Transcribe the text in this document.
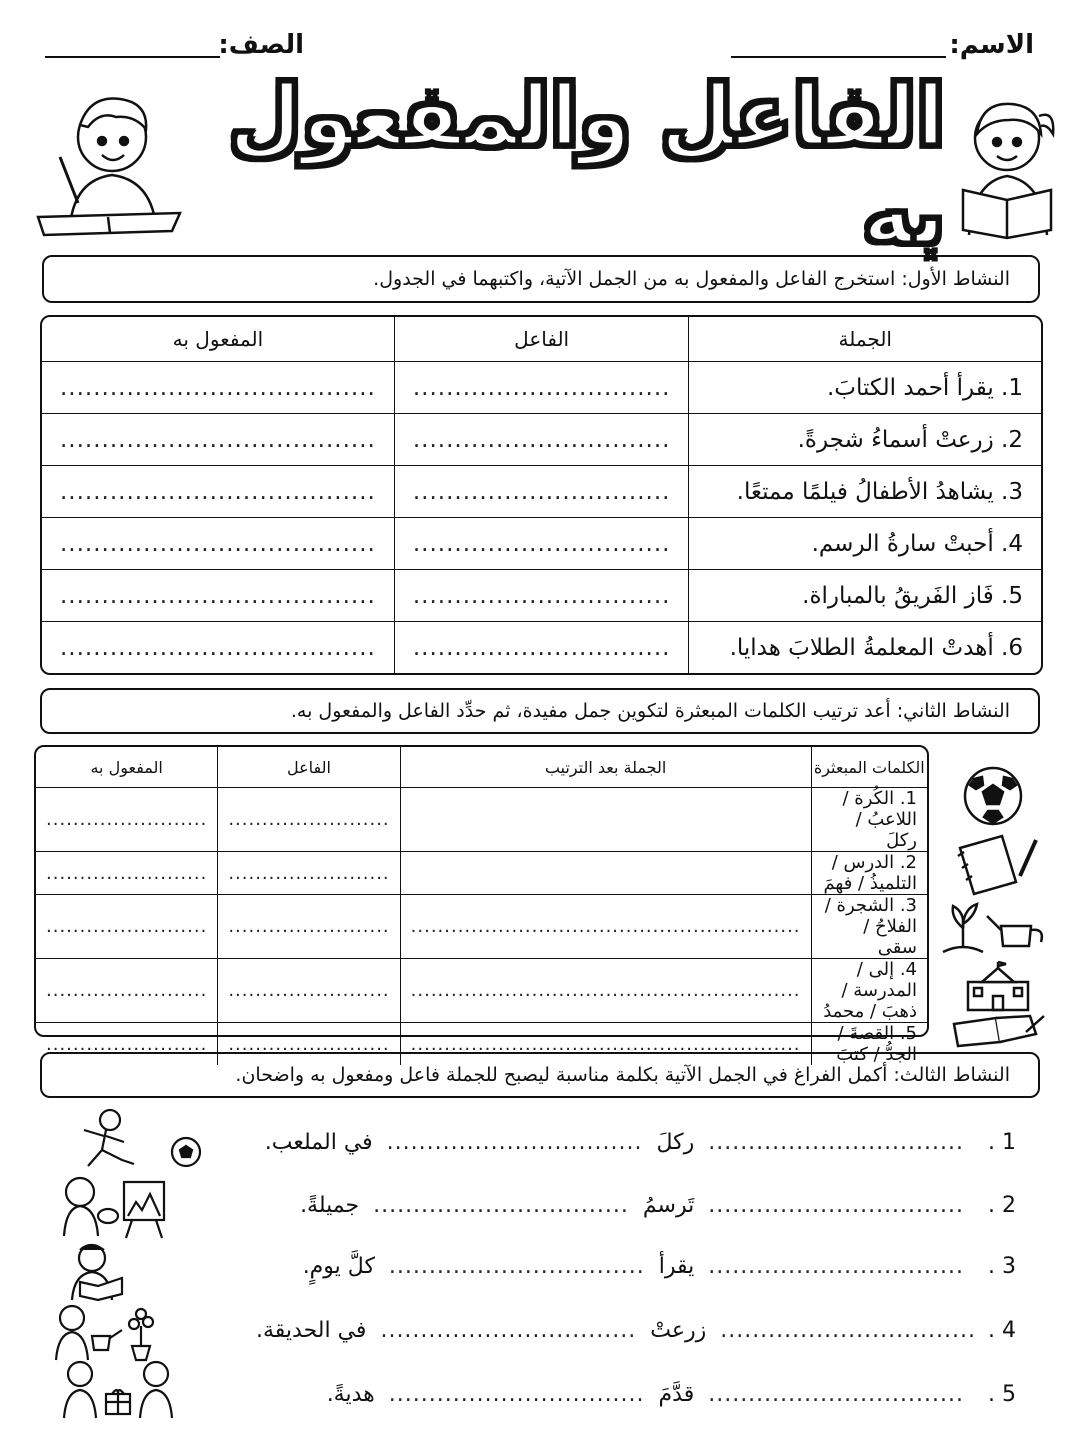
الاسم:
الصف:
الفاعل والمفعول به
النشاط الأول: استخرج الفاعل والمفعول به من الجمل الآتية، واكتبهما في الجدول.
الجملة	الفاعل	المفعول به
1. يقرأ أحمد الكتابَ.	...............................	......................................
2. زرعتْ أسماءُ شجرةً.	...............................	......................................
3. يشاهدُ الأطفالُ فيلمًا ممتعًا.	...............................	......................................
4. أحبتْ سارةُ الرسم.	...............................	......................................
5. فَاز الفَريقُ بالمباراة.	...............................	......................................
6. أهدتْ المعلمةُ الطلابَ هدايا.	...............................	......................................
النشاط الثاني: أعد ترتيب الكلمات المبعثرة لتكوين جمل مفيدة، ثم حدِّد الفاعل والمفعول به.
الكلمات المبعثرة	الجملة بعد الترتيب	الفاعل	المفعول به
1. الكُرة / اللاعبُ / ركلَ		........................	........................
2. الدرس / التلميذُ / فهمَ		........................	........................
3. الشجرة / الفلاحُ / سقى	..........................................................	........................	........................
4. إلى / المدرسة / ذهبَ / محمدُ	..........................................................	........................	........................
5. القصةَ / الجدُّ / كتبَ	..........................................................	........................	........................
النشاط الثالث: أكمل الفراغ في الجمل الآتية بكلمة مناسبة ليصبح للجملة فاعل ومفعول به واضحان.
1 .
................................
ركلَ
................................
في الملعب.
2 .
................................
تَرسمُ
................................
جميلةً.
3 .
................................
يقرأ
................................
كلَّ يومٍ.
4 .
................................
زرعتْ
................................
في الحديقة.
5 .
................................
قدَّمَ
................................
هديةً.
